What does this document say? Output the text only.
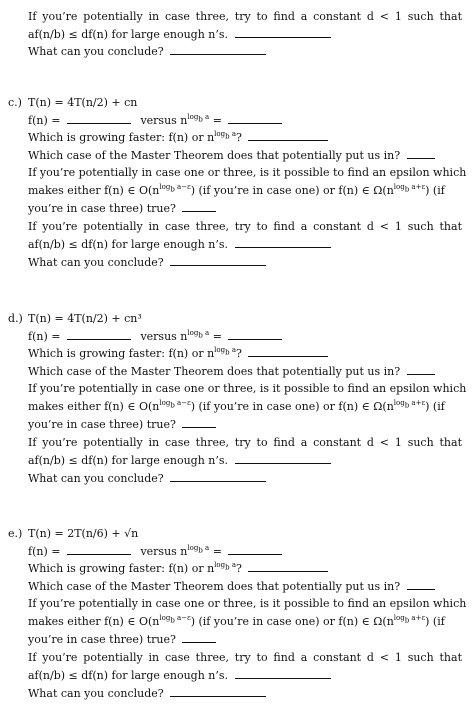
If you’re potentially in case three, try to find a constant d < 1 such that
af(n/b) ≤ df(n) for large enough n’s.
What can you conclude?
c.) T(n) = 4T(n/2) + cn
f(n) =	versus $n^{log_b a}$ =
Which is growing faster: f(n) or $n^{log_b a}$?
Which case of the Master Theorem does that potentially put us in?
If you’re potentially in case one or three, is it possible to find an epsilon which
makes either f(n) ∈ $O(n^{log_b a-\varepsilon})$ (if you’re in case one) or f(n) ∈ $\Omega(n^{log_b a+\varepsilon})$ (if
you’re in case three) true?
If you’re potentially in case three, try to find a constant d < 1 such that
af(n/b) ≤ df(n) for large enough n’s.
What can you conclude?
d.) T(n) = 4T(n/2) + cn³
f(n) =	versus $n^{log_b a}$ =
Which is growing faster: f(n) or $n^{log_b a}$?
Which case of the Master Theorem does that potentially put us in?
If you’re potentially in case one or three, is it possible to find an epsilon which
makes either f(n) ∈ $O(n^{log_b a-\varepsilon})$ (if you’re in case one) or f(n) ∈ $\Omega(n^{log_b a+\varepsilon})$ (if
you’re in case three) true?
If you’re potentially in case three, try to find a constant d < 1 such that
af(n/b) ≤ df(n) for large enough n’s.
What can you conclude?
e.) T(n) = 2T(n/6) + √n
f(n) =	versus $n^{log_b a}$ =
Which is growing faster: f(n) or $n^{log_b a}$?
Which case of the Master Theorem does that potentially put us in?
If you’re potentially in case one or three, is it possible to find an epsilon which
makes either f(n) ∈ $O(n^{log_b a-\varepsilon})$ (if you’re in case one) or f(n) ∈ $\Omega(n^{log_b a+\varepsilon})$ (if
you’re in case three) true?
If you’re potentially in case three, try to find a constant d < 1 such that
af(n/b) ≤ df(n) for large enough n’s.
What can you conclude?
